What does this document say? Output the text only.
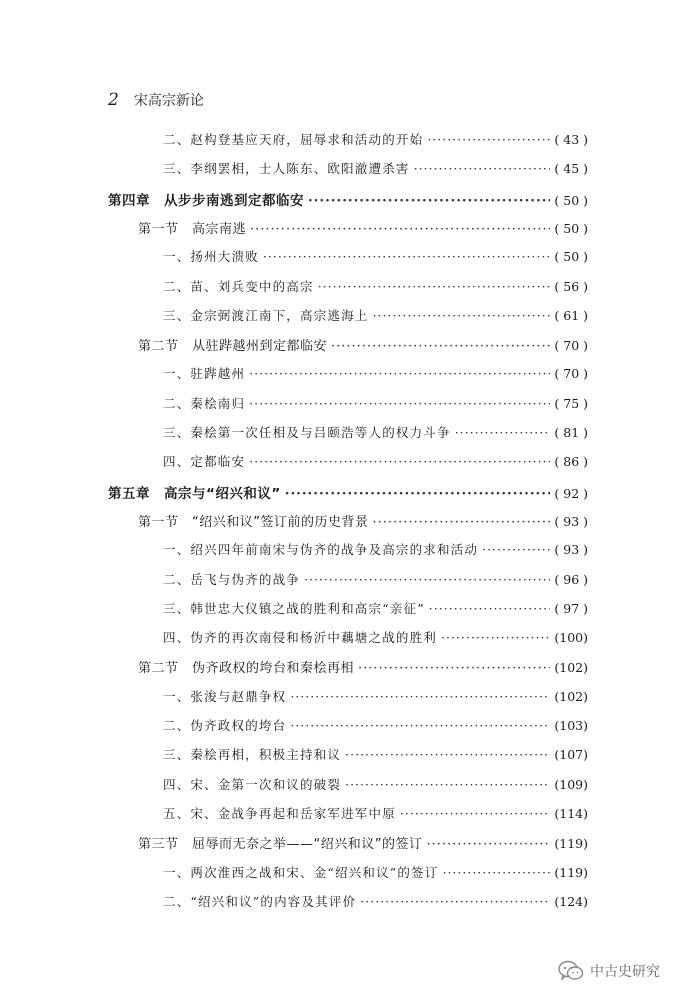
2 宋高宗新论
二、赵构登基应天府，屈辱求和活动的开始 ·····	( 43 )
三、李纲罢相，士人陈东、欧阳澈遭杀害 ·····	( 45 )
第四章　从步步南逃到定都临安 ·····	( 50 )
第一节　高宗南逃 ·····	( 50 )
一、扬州大溃败 ·····	( 50 )
二、苗、刘兵变中的高宗 ·····	( 56 )
三、金宗弼渡江南下，高宗逃海上 ·····	( 61 )
第二节　从驻跸越州到定都临安 ·····	( 70 )
一、驻跸越州 ·····	( 70 )
二、秦桧南归 ·····	( 75 )
三、秦桧第一次任相及与吕颐浩等人的权力斗争 ·····	( 81 )
四、定都临安 ·····	( 86 )
第五章　高宗与“绍兴和议” ·····	( 92 )
第一节　“绍兴和议”签订前的历史背景 ·····	( 93 )
一、绍兴四年前南宋与伪齐的战争及高宗的求和活动 ·····	( 93 )
二、岳飞与伪齐的战争 ·····	( 96 )
三、韩世忠大仪镇之战的胜利和高宗“亲征” ·····	( 97 )
四、伪齐的再次南侵和杨沂中藕塘之战的胜利 ·····	(100)
第二节　伪齐政权的垮台和秦桧再相 ·····	(102)
一、张浚与赵鼎争权 ·····	(102)
二、伪齐政权的垮台 ·····	(103)
三、秦桧再相，积极主持和议 ·····	(107)
四、宋、金第一次和议的破裂 ·····	(109)
五、宋、金战争再起和岳家军进军中原 ·····	(114)
第三节　屈辱而无奈之举——“绍兴和议”的签订 ·····	(119)
一、两次淮西之战和宋、金“绍兴和议”的签订 ·····	(119)
二、“绍兴和议”的内容及其评价 ·····	(124)
中古史研究
